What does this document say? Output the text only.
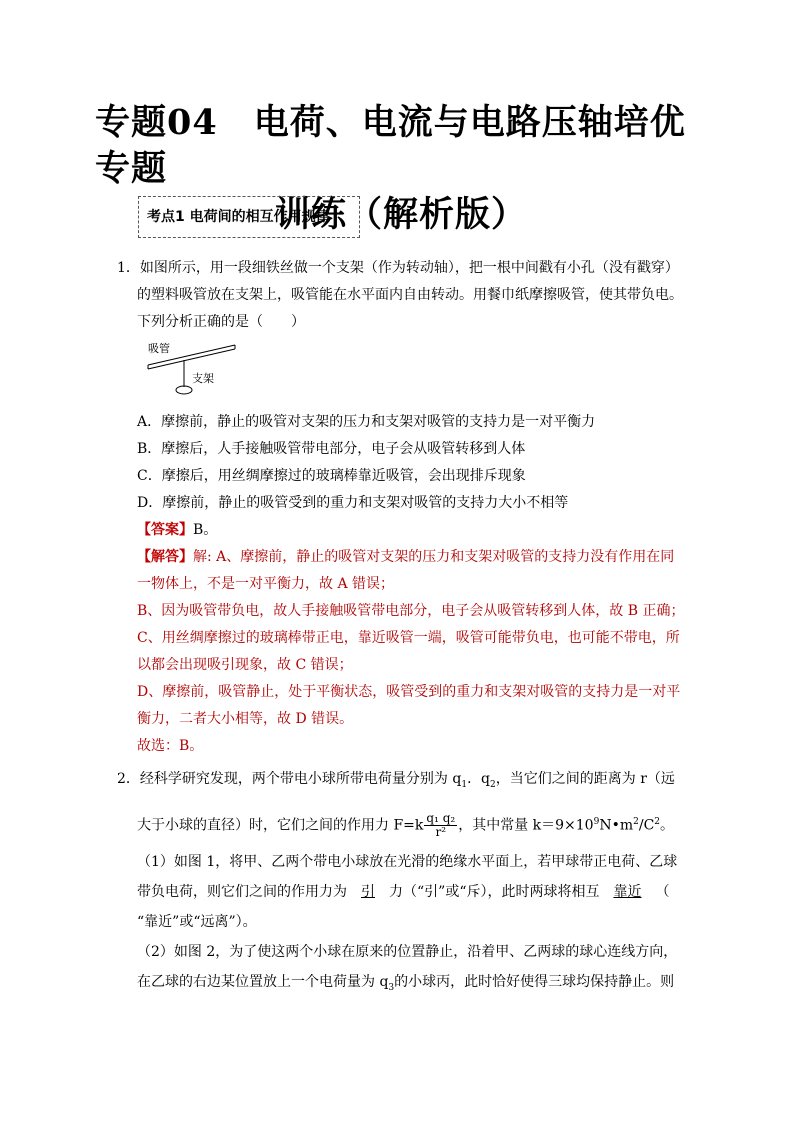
专题04　电荷、电流与电路压轴培优专题
训练（解析版）
考点1 电荷间的相互作用规律
1．如图所示，用一段细铁丝做一个支架（作为转动轴），把一根中间戳有小孔（没有戳穿）
的塑料吸管放在支架上，吸管能在水平面内自由转动。用餐巾纸摩擦吸管，使其带负电。
下列分析正确的是（　　）
吸管
支架
A．摩擦前，静止的吸管对支架的压力和支架对吸管的支持力是一对平衡力
B．摩擦后，人手接触吸管带电部分，电子会从吸管转移到人体
C．摩擦后，用丝绸摩擦过的玻璃棒靠近吸管，会出现排斥现象
D．摩擦前，静止的吸管受到的重力和支架对吸管的支持力大小不相等
【答案】B。
【解答】解: A、摩擦前，静止的吸管对支架的压力和支架对吸管的支持力没有作用在同
一物体上，不是一对平衡力，故 A 错误；
B、因为吸管带负电，故人手接触吸管带电部分，电子会从吸管转移到人体，故 B 正确；
C、用丝绸摩擦过的玻璃棒带正电，靠近吸管一端，吸管可能带负电，也可能不带电，所
以都会出现吸引现象，故 C 错误；
D、摩擦前，吸管静止，处于平衡状态，吸管受到的重力和支架对吸管的支持力是一对平
衡力，二者大小相等，故 D 错误。
故选：B。
2．经科学研究发现，两个带电小球所带电荷量分别为 $q_1$．$q_2$，当它们之间的距离为 r（远
大于小球的直径）时，它们之间的作用力 $F=k \frac{\text{q₁ q₂}}{\text{r²}}$ ，其中常量 $k=9\times 10^9N•m^2/C^2$。
（1）如图 1，将甲、乙两个带电小球放在光滑的绝缘水平面上，若甲球带正电荷、乙球
带负电荷，则它们之间的作用力为 引 力（“引”或“斥），此时两球将相互 靠近 （
“靠近”或“远离”）。
（2）如图 2，为了使这两个小球在原来的位置静止，沿着甲、乙两球的球心连线方向，
在乙球的右边某位置放上一个电荷量为 $q_3$的小球丙，此时恰好使得三球均保持静止。则
